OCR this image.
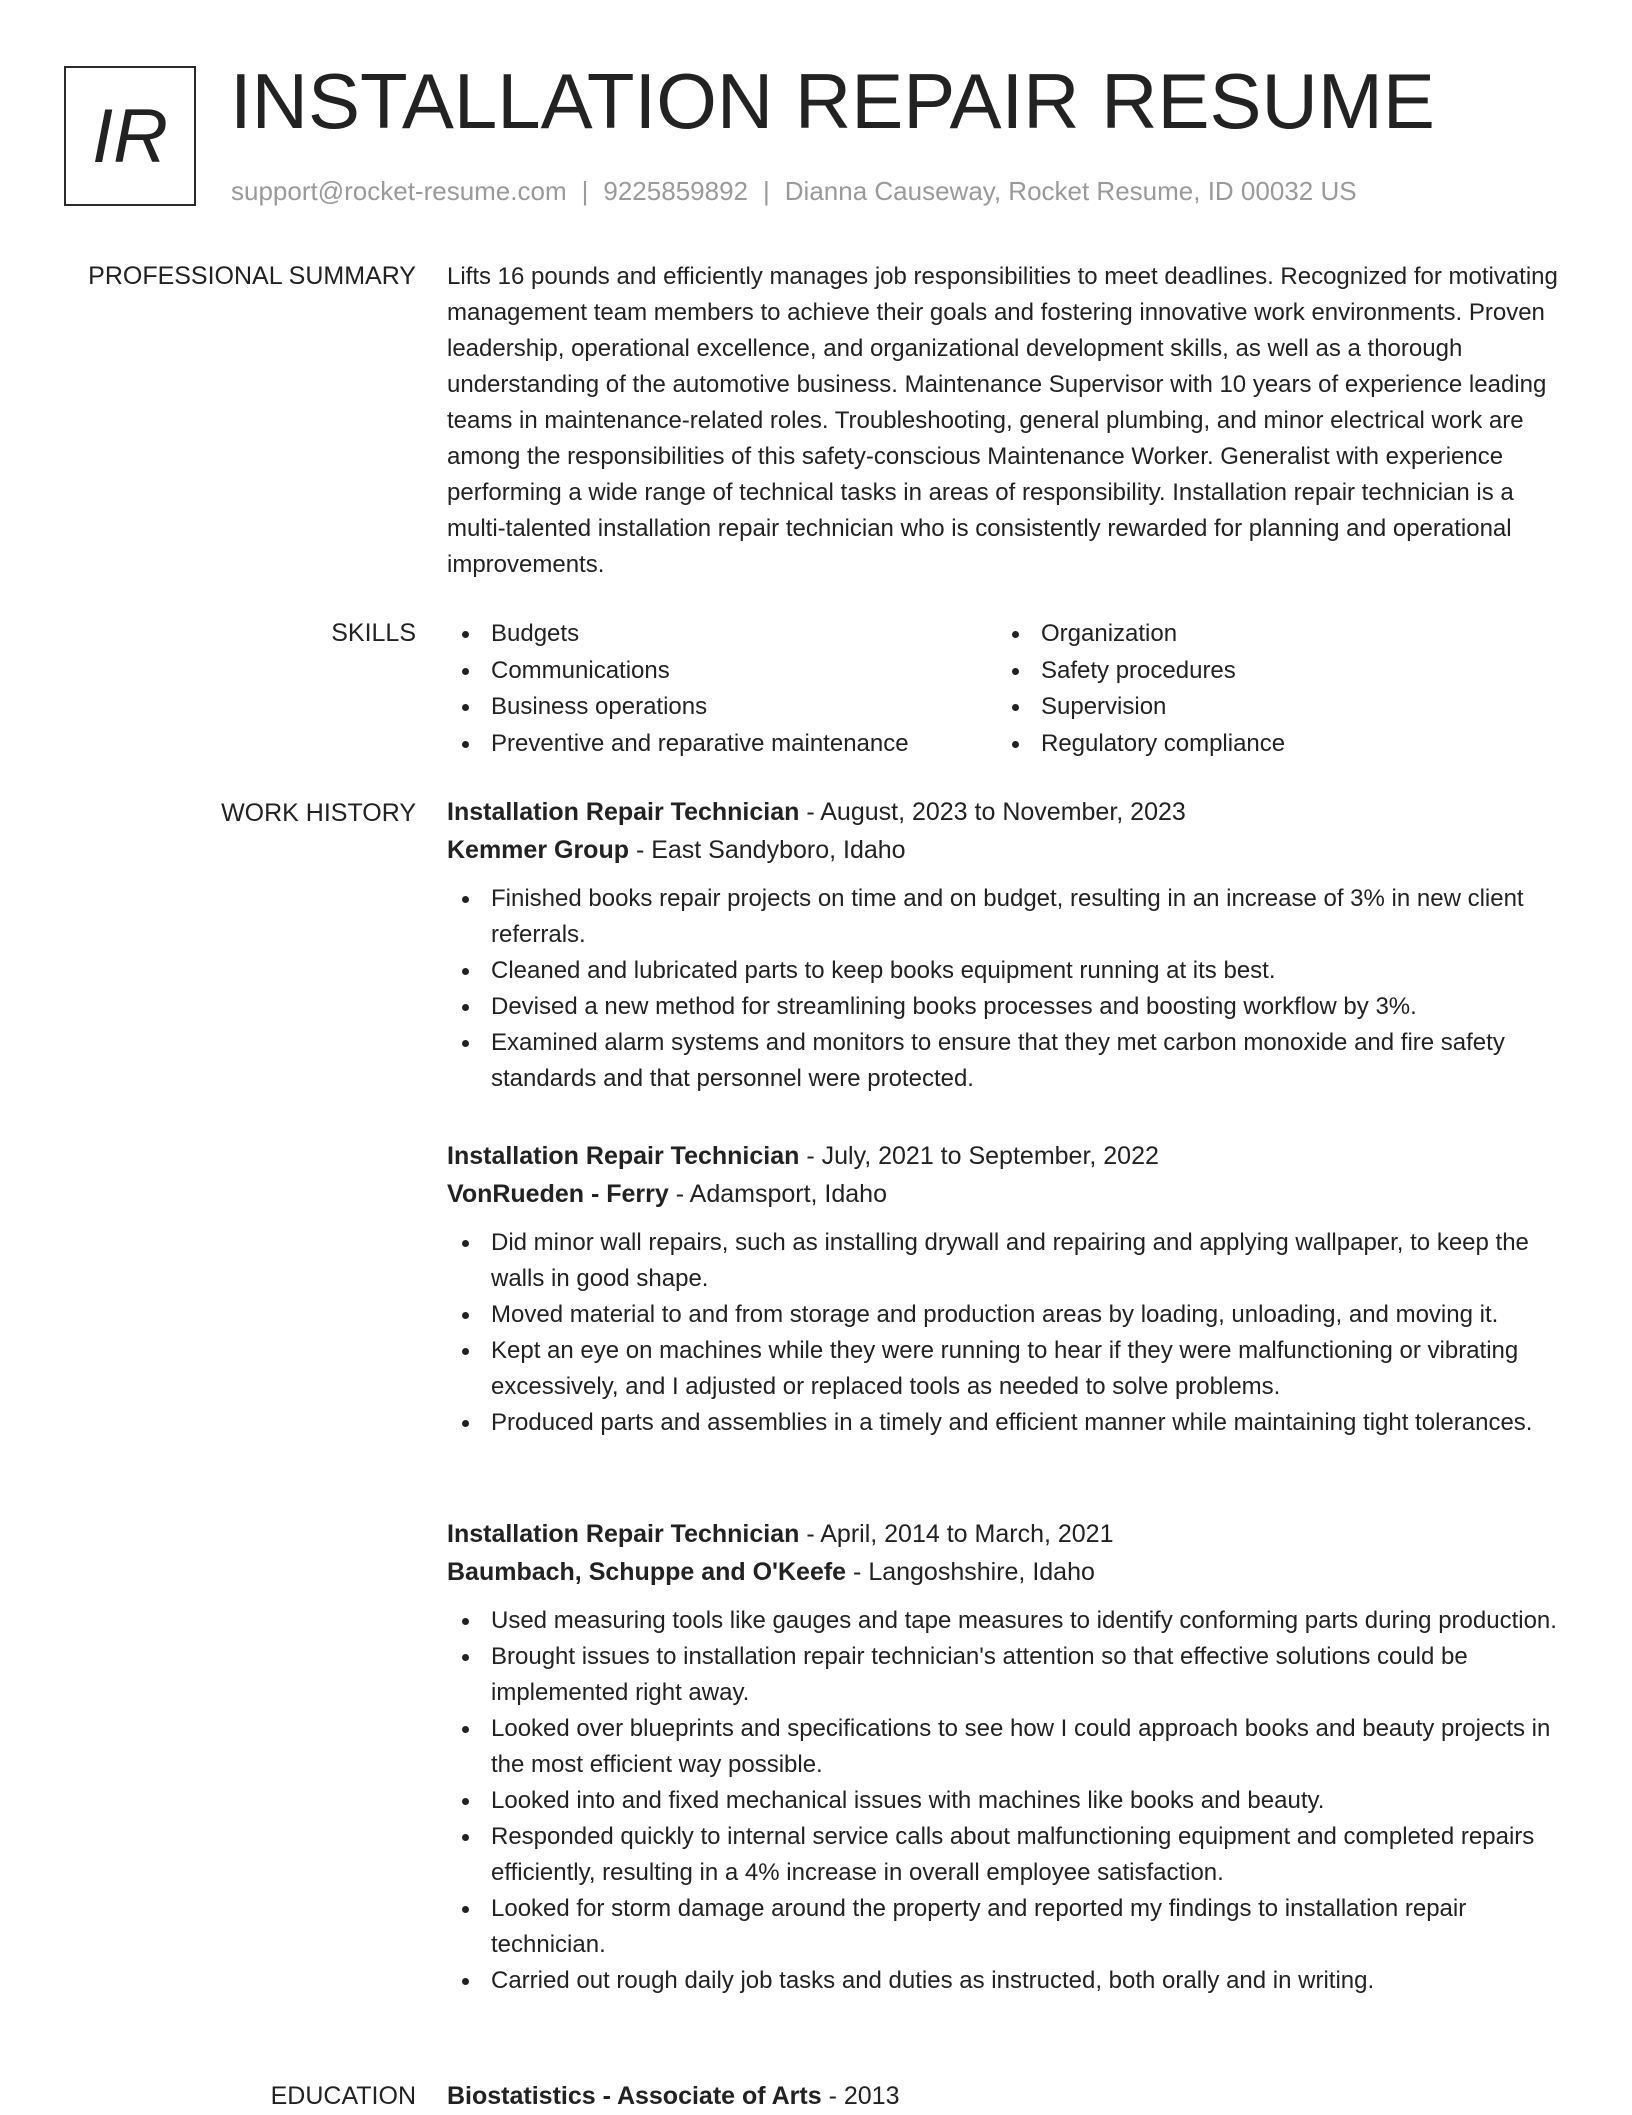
IR INSTALLATION REPAIR RESUME
support@rocket-resume.com | 9225859892 | Dianna Causeway, Rocket Resume, ID 00032 US
PROFESSIONAL SUMMARY Lifts 16 pounds and efficiently manages job responsibilities to meet deadlines. Recognized for motivating management team members to achieve their goals and fostering innovative work environments. Proven leadership, operational excellence, and organizational development skills, as well as a thorough understanding of the automotive business. Maintenance Supervisor with 10 years of experience leading teams in maintenance-related roles. Troubleshooting, general plumbing, and minor electrical work are among the responsibilities of this safety-conscious Maintenance Worker. Generalist with experience performing a wide range of technical tasks in areas of responsibility. Installation repair technician is a multi-talented installation repair technician who is consistently rewarded for planning and operational improvements.

SKILLS	Budgets
Communications
Business operations
Preventive and reparative maintenance
Organization
Safety procedures
Supervision
Regulatory compliance
WORK HISTORY Installation Repair Technician - August, 2023 to November, 2023
Kemmer Group - East Sandyboro, Idaho
Finished books repair projects on time and on budget, resulting in an increase of 3% in new client referrals.
Cleaned and lubricated parts to keep books equipment running at its best.
Devised a new method for streamlining books processes and boosting workflow by 3%.
Examined alarm systems and monitors to ensure that they met carbon monoxide and fire safety standards and that personnel were protected.
Installation Repair Technician - July, 2021 to September, 2022
VonRueden - Ferry - Adamsport, Idaho
Did minor wall repairs, such as installing drywall and repairing and applying wallpaper, to keep the walls in good shape.
Moved material to and from storage and production areas by loading, unloading, and moving it.
Kept an eye on machines while they were running to hear if they were malfunctioning or vibrating excessively, and I adjusted or replaced tools as needed to solve problems.
Produced parts and assemblies in a timely and efficient manner while maintaining tight tolerances.
Installation Repair Technician - April, 2014 to March, 2021
Baumbach, Schuppe and O'Keefe - Langoshshire, Idaho
Used measuring tools like gauges and tape measures to identify conforming parts during production.
Brought issues to installation repair technician's attention so that effective solutions could be implemented right away.
Looked over blueprints and specifications to see how I could approach books and beauty projects in the most efficient way possible.
Looked into and fixed mechanical issues with machines like books and beauty.
Responded quickly to internal service calls about malfunctioning equipment and completed repairs efficiently, resulting in a 4% increase in overall employee satisfaction.
Looked for storm damage around the property and reported my findings to installation repair technician.
Carried out rough daily job tasks and duties as instructed, both orally and in writing.
EDUCATION Biostatistics - Associate of Arts - 2013
